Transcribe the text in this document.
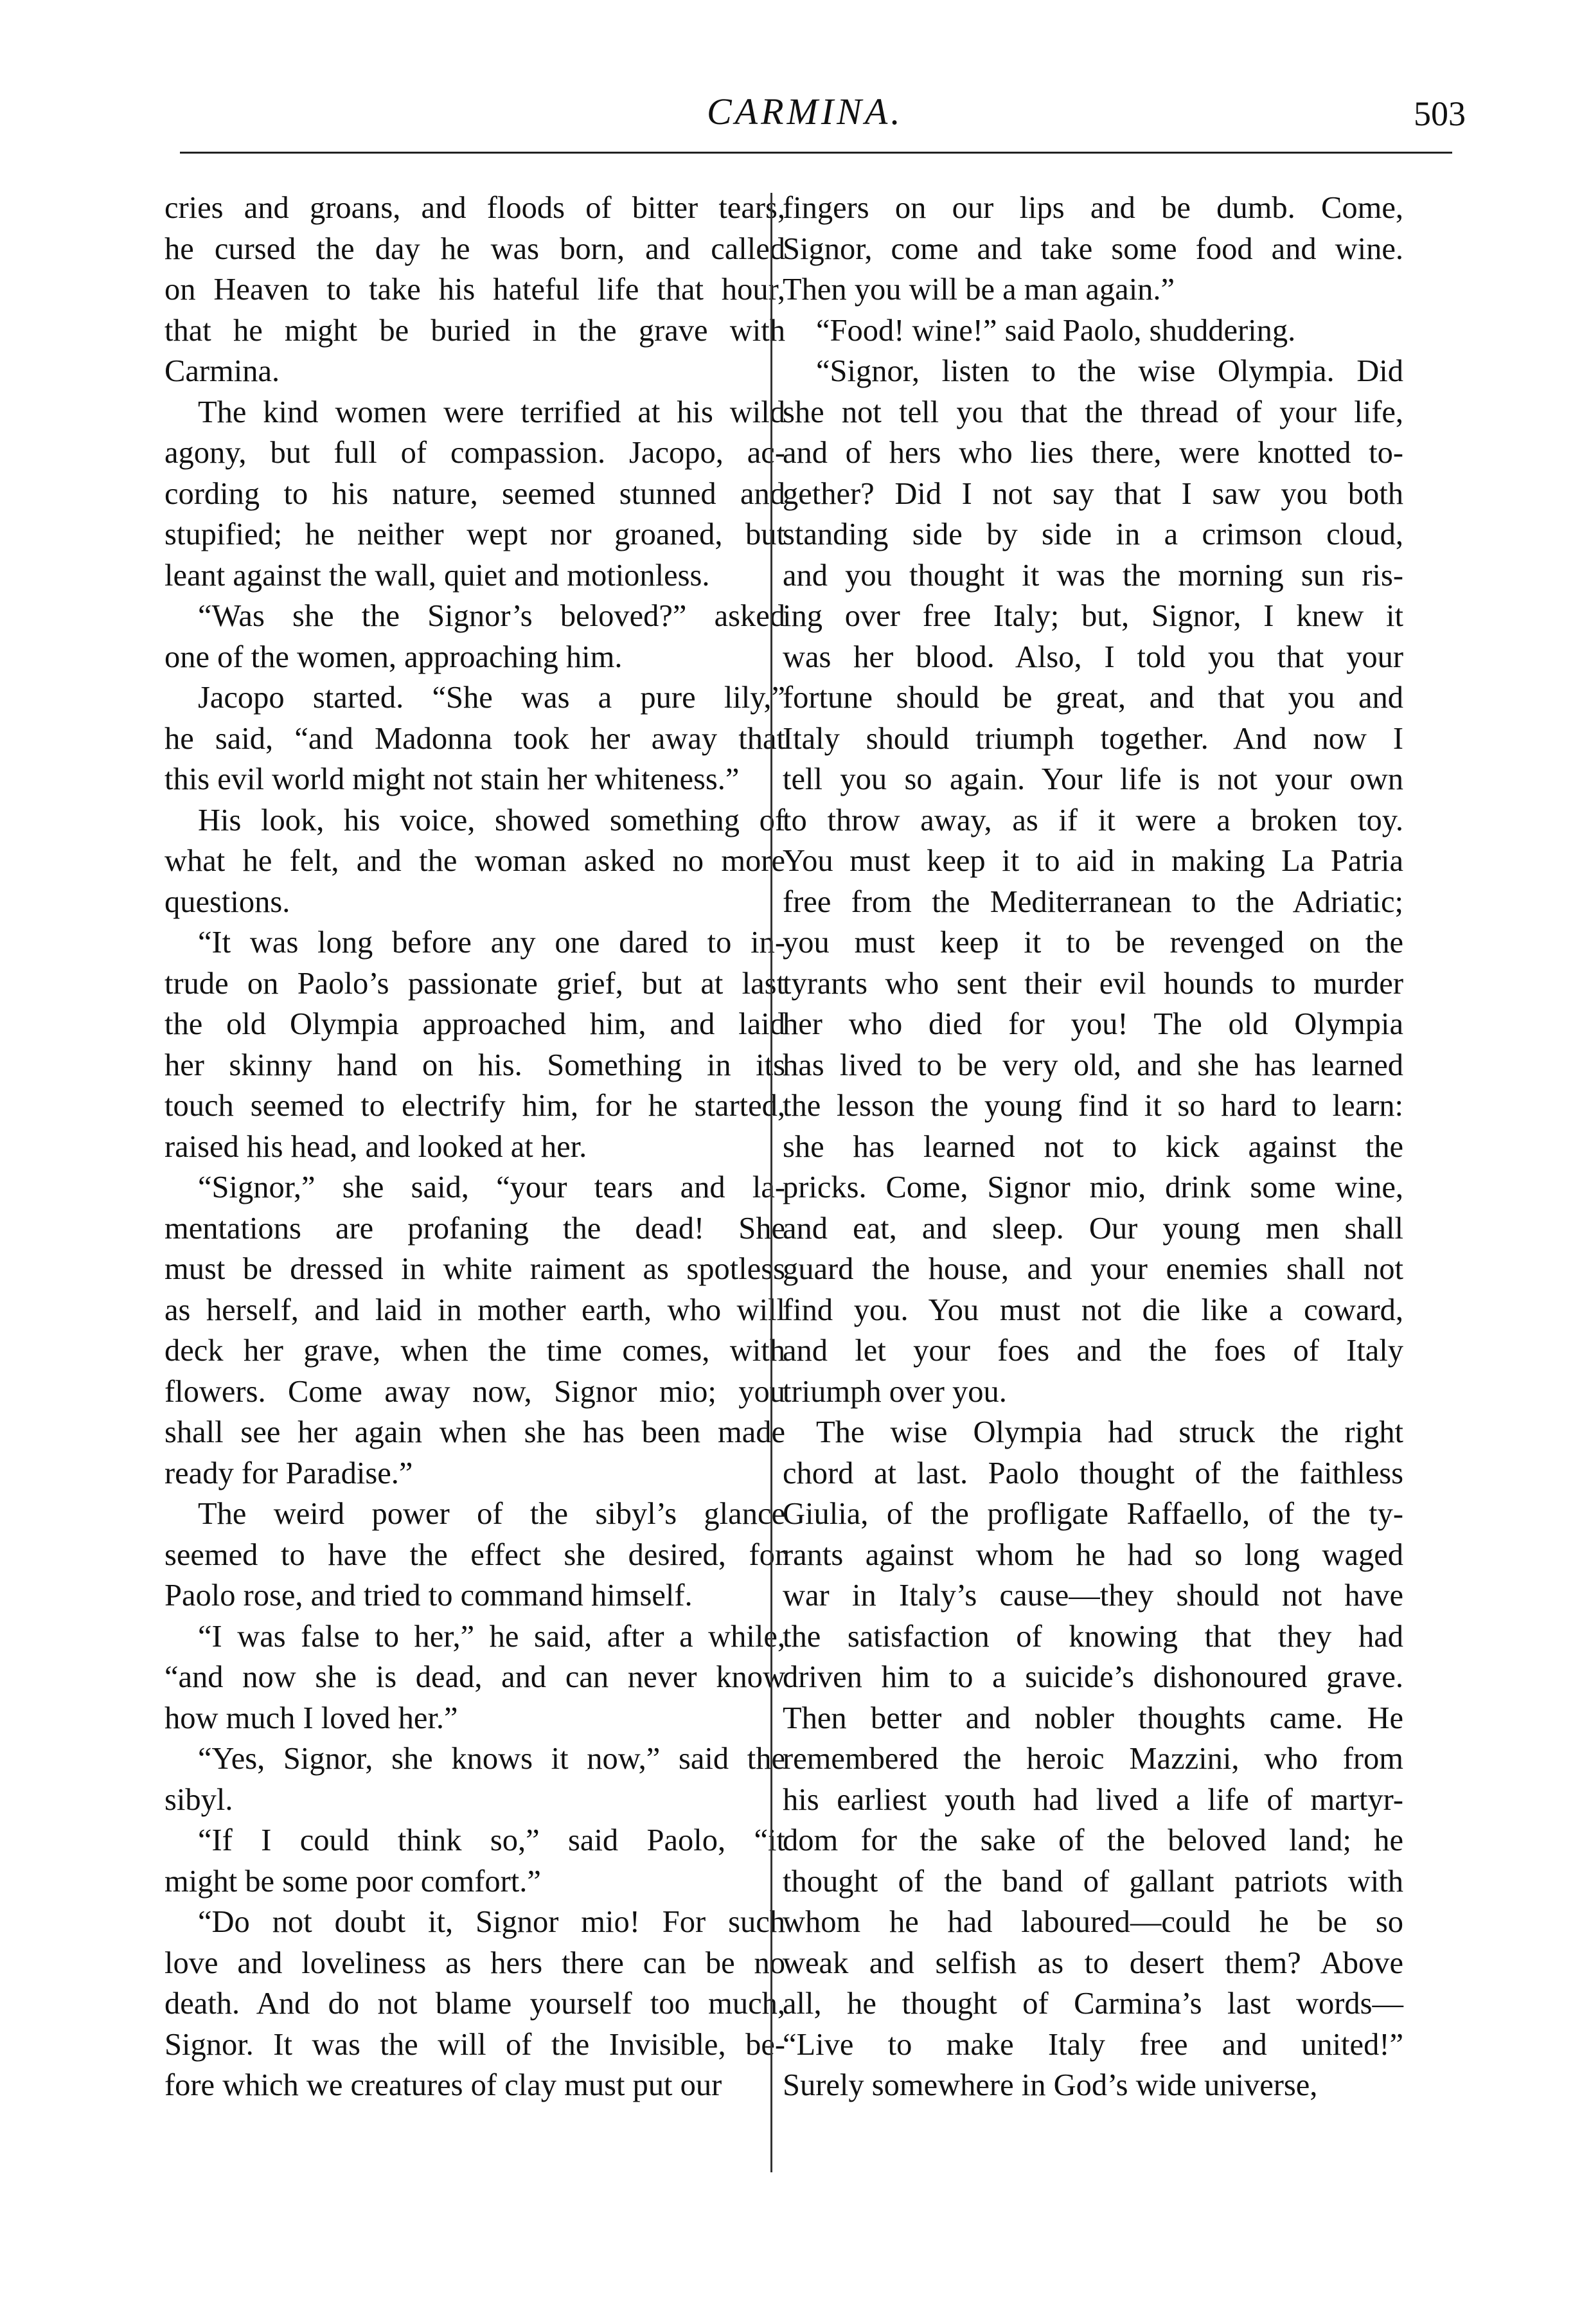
CARMINA.	503
cries and groans, and floods of bitter tears,
he cursed the day he was born, and called
on Heaven to take his hateful life that hour,
that he might be buried in the grave with
Carmina.
The kind women were terrified at his wild
agony, but full of compassion. Jacopo, ac-
cording to his nature, seemed stunned and
stupified; he neither wept nor groaned, but
leant against the wall, quiet and motionless.
“Was she the Signor’s beloved?” asked
one of the women, approaching him.
Jacopo started. “She was a pure lily,”
he said, “and Madonna took her away that
this evil world might not stain her whiteness.”
His look, his voice, showed something of
what he felt, and the woman asked no more
questions.
“It was long before any one dared to in-
trude on Paolo’s passionate grief, but at last
the old Olympia approached him, and laid
her skinny hand on his. Something in its
touch seemed to electrify him, for he started,
raised his head, and looked at her.
“Signor,” she said, “your tears and la-
mentations are profaning the dead! She
must be dressed in white raiment as spotless
as herself, and laid in mother earth, who will
deck her grave, when the time comes, with
flowers. Come away now, Signor mio; you
shall see her again when she has been made
ready for Paradise.”
The weird power of the sibyl’s glance
seemed to have the effect she desired, for
Paolo rose, and tried to command himself.
“I was false to her,” he said, after a while,
“and now she is dead, and can never know
how much I loved her.”
“Yes, Signor, she knows it now,” said the
sibyl.
“If I could think so,” said Paolo, “it
might be some poor comfort.”
“Do not doubt it, Signor mio! For such
love and loveliness as hers there can be no
death. And do not blame yourself too much,
Signor. It was the will of the Invisible, be-
fore which we creatures of clay must put our
fingers on our lips and be dumb. Come,
Signor, come and take some food and wine.
Then you will be a man again.”
“Food! wine!” said Paolo, shuddering.
“Signor, listen to the wise Olympia. Did
she not tell you that the thread of your life,
and of hers who lies there, were knotted to-
gether? Did I not say that I saw you both
standing side by side in a crimson cloud,
and you thought it was the morning sun ris-
ing over free Italy; but, Signor, I knew it
was her blood. Also, I told you that your
fortune should be great, and that you and
Italy should triumph together. And now I
tell you so again. Your life is not your own
to throw away, as if it were a broken toy.
You must keep it to aid in making La Patria
free from the Mediterranean to the Adriatic;
you must keep it to be revenged on the
tyrants who sent their evil hounds to murder
her who died for you! The old Olympia
has lived to be very old, and she has learned
the lesson the young find it so hard to learn:
she has learned not to kick against the
pricks. Come, Signor mio, drink some wine,
and eat, and sleep. Our young men shall
guard the house, and your enemies shall not
find you. You must not die like a coward,
and let your foes and the foes of Italy
triumph over you.
The wise Olympia had struck the right
chord at last. Paolo thought of the faithless
Giulia, of the profligate Raffaello, of the ty-
rants against whom he had so long waged
war in Italy’s cause—they should not have
the satisfaction of knowing that they had
driven him to a suicide’s dishonoured grave.
Then better and nobler thoughts came. He
remembered the heroic Mazzini, who from
his earliest youth had lived a life of martyr-
dom for the sake of the beloved land; he
thought of the band of gallant patriots with
whom he had laboured—could he be so
weak and selfish as to desert them? Above
all, he thought of Carmina’s last words—
“Live to make Italy free and united!”
Surely somewhere in God’s wide universe,
